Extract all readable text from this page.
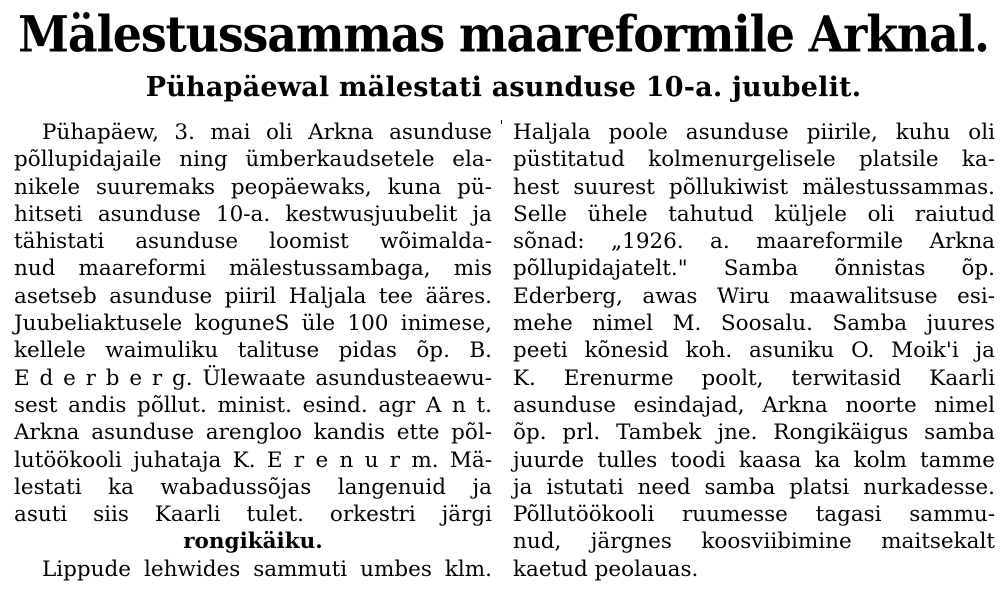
Mälestussammas maareformile Arknal.
Pühapäewal mälestati asunduse 10-a. juubelit.
Pühapäew, 3. mai oli Arkna asunduse
põllupidajaile ning ümberkaudsetele ela-
nikele suuremaks peopäewaks, kuna pü-
hitseti asunduse 10-a. kestwusjuubelit ja
tähistati asunduse loomist wõimalda-
nud maareformi mälestussambaga, mis
asetseb asunduse piiril Haljala tee ääres.
Juubeliaktusele koguneS üle 100 inimese,
kellele waimuliku talituse pidas õp. B.
E d e r b e r g. Ülewaate asundusteaewu-
sest andis põllut. minist. esind. agr A n t.
Arkna asunduse arengloo kandis ette põl-
lutöökooli juhataja K. E r e n u r m. Mä-
lestati ka wabadussõjas langenuid ja
asuti siis Kaarli tulet. orkestri järgi
rongikäiku.
Lippude lehwides sammuti umbes klm.
Haljala poole asunduse piirile, kuhu oli
püstitatud kolmenurgelisele platsile ka-
hest suurest põllukiwist mälestussammas.
Selle ühele tahutud küljele oli raiutud
sõnad: „1926. a. maareformile Arkna
põllupidajatelt." Samba õnnistas õp.
Ederberg, awas Wiru maawalitsuse esi-
mehe nimel M. Soosalu. Samba juures
peeti kõnesid koh. asuniku O. Moik'i ja
K. Erenurme poolt, terwitasid Kaarli
asunduse esindajad, Arkna noorte nimel
õp. prl. Tambek jne. Rongikäigus samba
juurde tulles toodi kaasa ka kolm tamme
ja istutati need samba platsi nurkadesse.
Põllutöökooli ruumesse tagasi sammu-
nud, järgnes koosviibimine maitsekalt
kaetud peolauas.
